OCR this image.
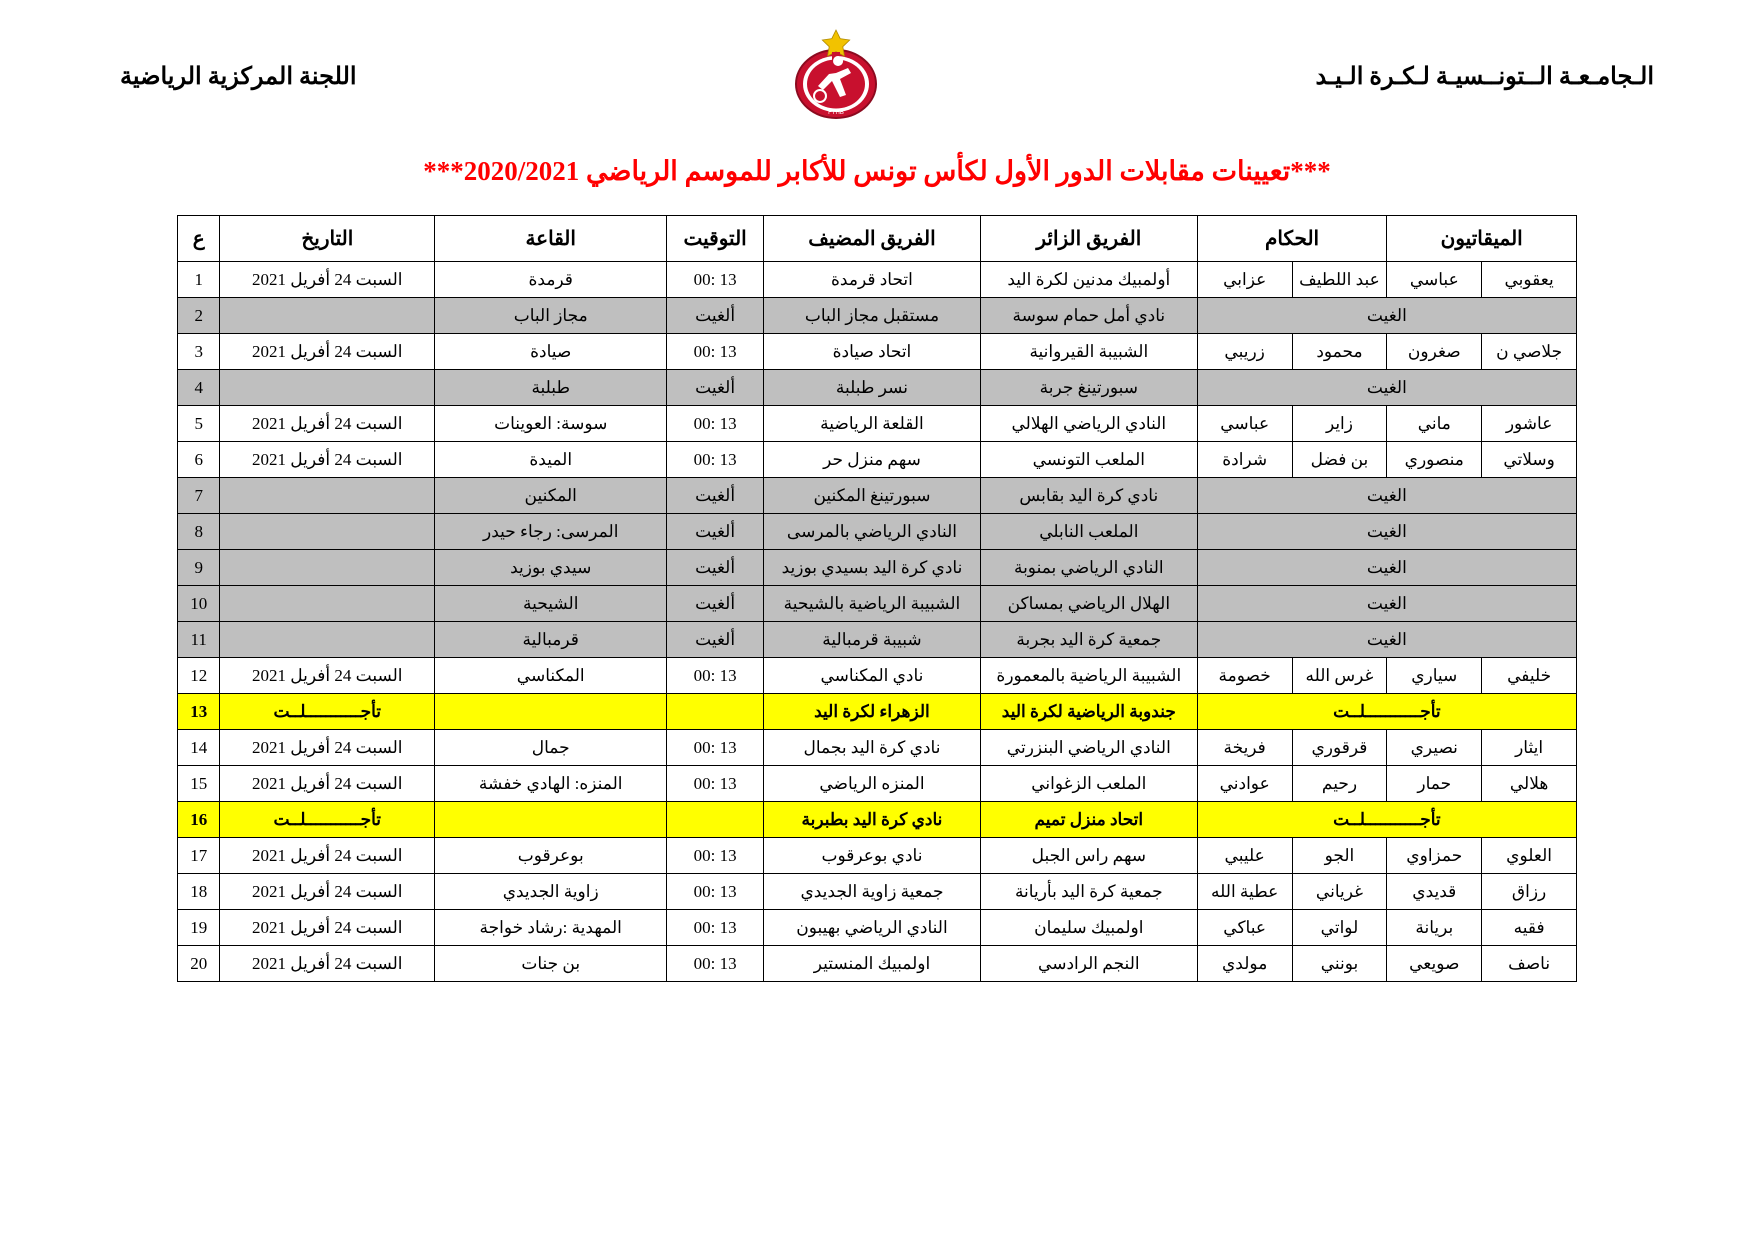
الـجامـعـة الــتونــسيـة لـكـرة الـيـد
FTHB
اللجنة المركزية الرياضية
***تعيينات مقابلات الدور الأول لكأس تونس للأكابر للموسم الرياضي 2020/2021***
الميقاتيون		الحكام		الفريق الزائر	الفريق المضيف	التوقيت	القاعة	التاريخ	ع
يعقوبي	عباسي	عبد اللطيف	عزابي	أولمبيك مدنين لكرة اليد	اتحاد قرمدة	13 :00	قرمدة	السبت 24 أفريل 2021	1
الغيت				نادي أمل حمام سوسة	مستقبل مجاز الباب	ألغيت	مجاز الباب		2
جلاصي ن	صغرون	محمود	زريبي	الشبيبة القيروانية	اتحاد صيادة	13 :00	صيادة	السبت 24 أفريل 2021	3
الغيت				سبورتينغ جربة	نسر طبلبة	ألغيت	طبلبة		4
عاشور	ماني	زاير	عباسي	النادي الرياضي الهلالي	القلعة الرياضية	13 :00	سوسة: العوينات	السبت 24 أفريل 2021	5
وسلاتي	منصوري	بن فضل	شرادة	الملعب التونسي	سهم منزل حر	13 :00	الميدة	السبت 24 أفريل 2021	6
الغيت				نادي كرة اليد بقابس	سبورتينغ المكنين	ألغيت	المكنين		7
الغيت				الملعب النابلي	النادي الرياضي بالمرسى	ألغيت	المرسى: رجاء حيدر		8
الغيت				النادي الرياضي بمنوبة	نادي كرة اليد بسيدي بوزيد	ألغيت	سيدي بوزيد		9
الغيت				الهلال الرياضي بمساكن	الشبيبة الرياضية بالشيحية	ألغيت	الشيحية		10
الغيت				جمعية كرة اليد بجربة	شبيبة قرمبالية	ألغيت	قرمبالية		11
خليفي	سياري	غرس الله	خصومة	الشبيبة الرياضية بالمعمورة	نادي المكناسي	13 :00	المكناسي	السبت 24 أفريل 2021	12
تأجـــــــــــلــت				جندوبة الرياضية لكرة اليد	الزهراء لكرة اليد			تأجـــــــــــلــت	13
ايثار	نصيري	قرقوري	فريخة	النادي الرياضي البنزرتي	نادي كرة اليد بجمال	13 :00	جمال	السبت 24 أفريل 2021	14
هلالي	حمار	رحيم	عوادني	الملعب الزغواني	المنزه الرياضي	13 :00	المنزه: الهادي خفشة	السبت 24 أفريل 2021	15
تأجـــــــــــلــت				اتحاد منزل تميم	نادي كرة اليد بطبربة			تأجـــــــــــلــت	16
العلوي	حمزاوي	الجو	عليبي	سهم راس الجبل	نادي بوعرقوب	13 :00	بوعرقوب	السبت 24 أفريل 2021	17
رزاق	قديدي	غرياني	عطية الله	جمعية كرة اليد بأريانة	جمعية زاوية الجديدي	13 :00	زاوية الجديدي	السبت 24 أفريل 2021	18
فقيه	بريانة	لواتي	عباكي	اولمبيك سليمان	النادي الرياضي بهيبون	13 :00	المهدية :رشاد خواجة	السبت 24 أفريل 2021	19
ناصف	صويعي	بونني	مولدي	النجم الرادسي	اولمبيك المنستير	13 :00	بن جنات	السبت 24 أفريل 2021	20
